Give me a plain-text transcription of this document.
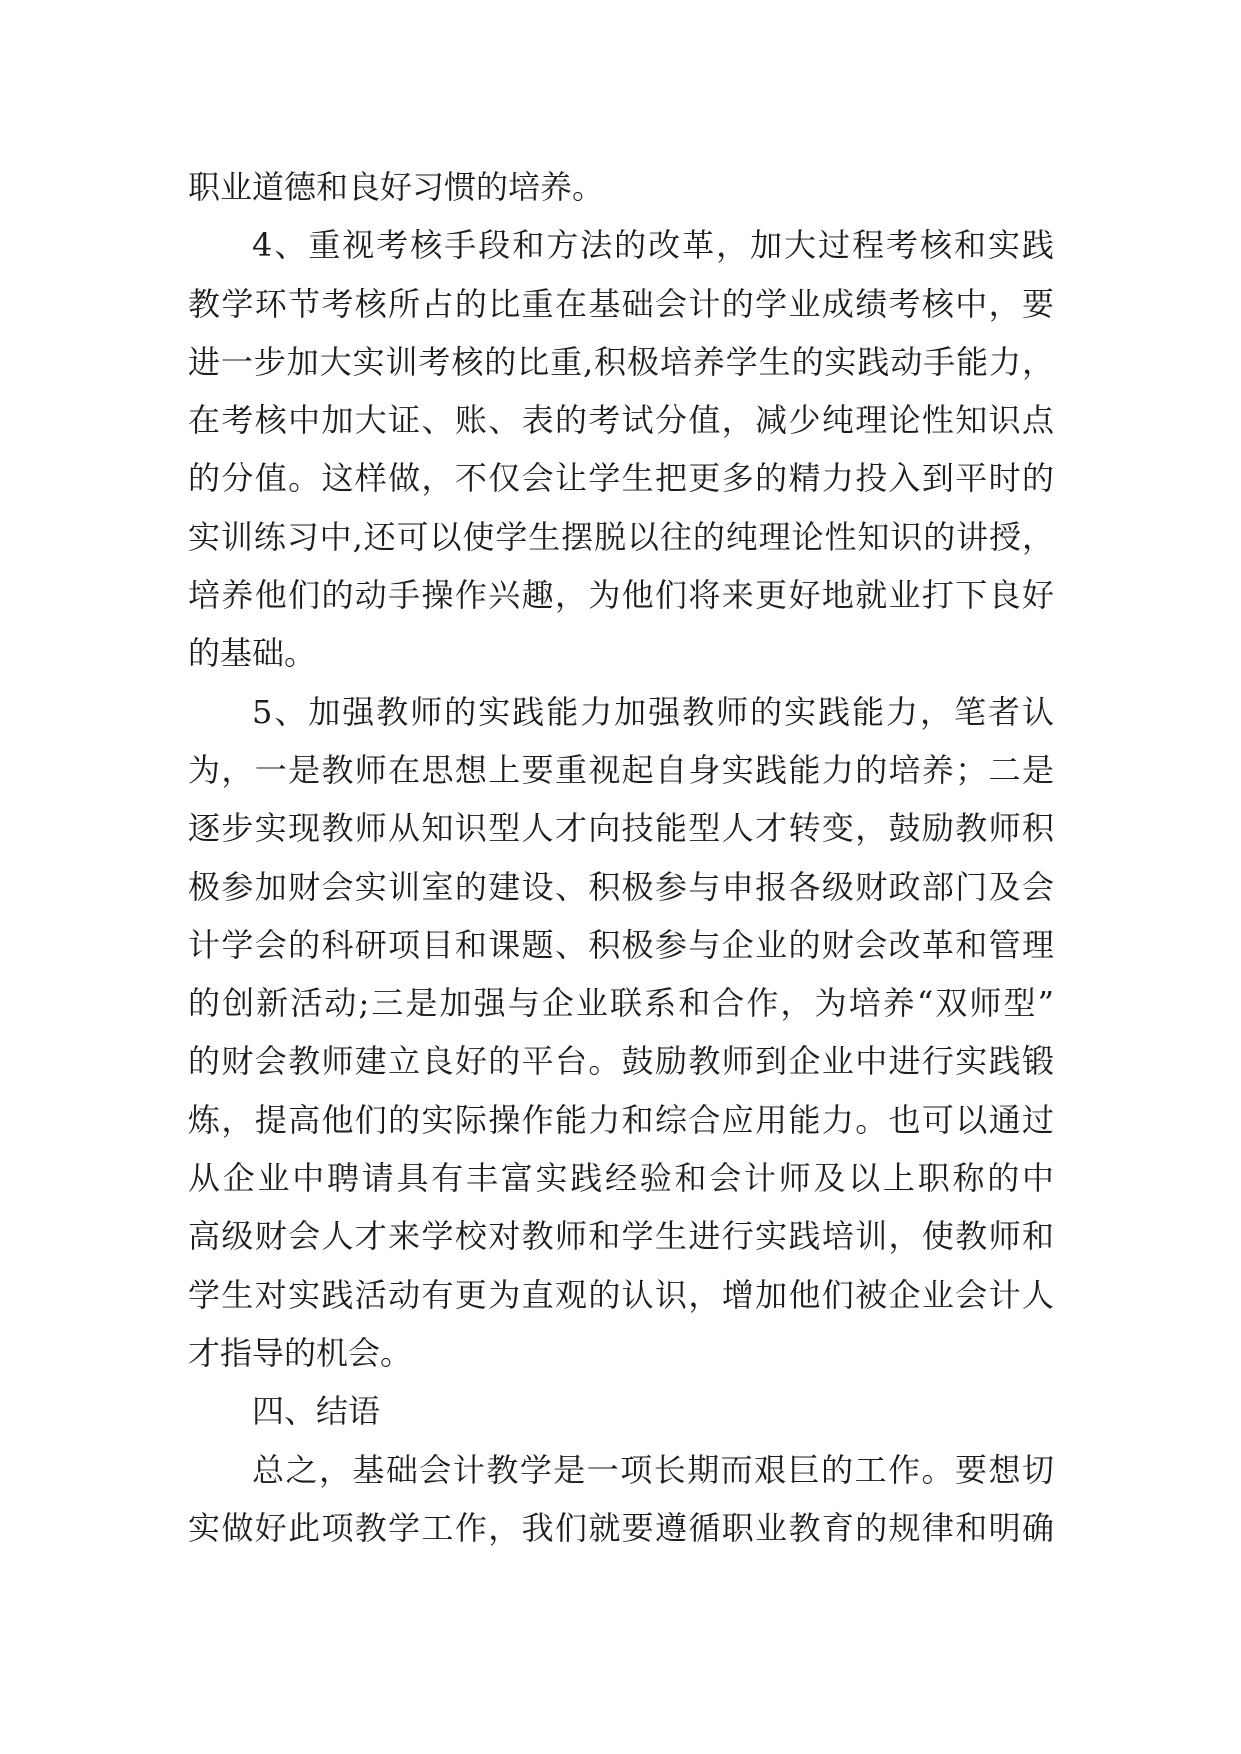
职业道德和良好习惯的培养。
4、重视考核手段和方法的改革，加大过程考核和实践
教学环节考核所占的比重在基础会计的学业成绩考核中，要
进一步加大实训考核的比重,积极培养学生的实践动手能力，
在考核中加大证、账、表的考试分值，减少纯理论性知识点
的分值。这样做，不仅会让学生把更多的精力投入到平时的
实训练习中,还可以使学生摆脱以往的纯理论性知识的讲授，
培养他们的动手操作兴趣，为他们将来更好地就业打下良好
的基础。
5、加强教师的实践能力加强教师的实践能力，笔者认
为，一是教师在思想上要重视起自身实践能力的培养；二是
逐步实现教师从知识型人才向技能型人才转变，鼓励教师积
极参加财会实训室的建设、积极参与申报各级财政部门及会
计学会的科研项目和课题、积极参与企业的财会改革和管理
的创新活动;三是加强与企业联系和合作，为培养“双师型”
的财会教师建立良好的平台。鼓励教师到企业中进行实践锻
炼，提高他们的实际操作能力和综合应用能力。也可以通过
从企业中聘请具有丰富实践经验和会计师及以上职称的中
高级财会人才来学校对教师和学生进行实践培训，使教师和
学生对实践活动有更为直观的认识，增加他们被企业会计人
才指导的机会。
四、结语
总之，基础会计教学是一项长期而艰巨的工作。要想切
实做好此项教学工作，我们就要遵循职业教育的规律和明确
